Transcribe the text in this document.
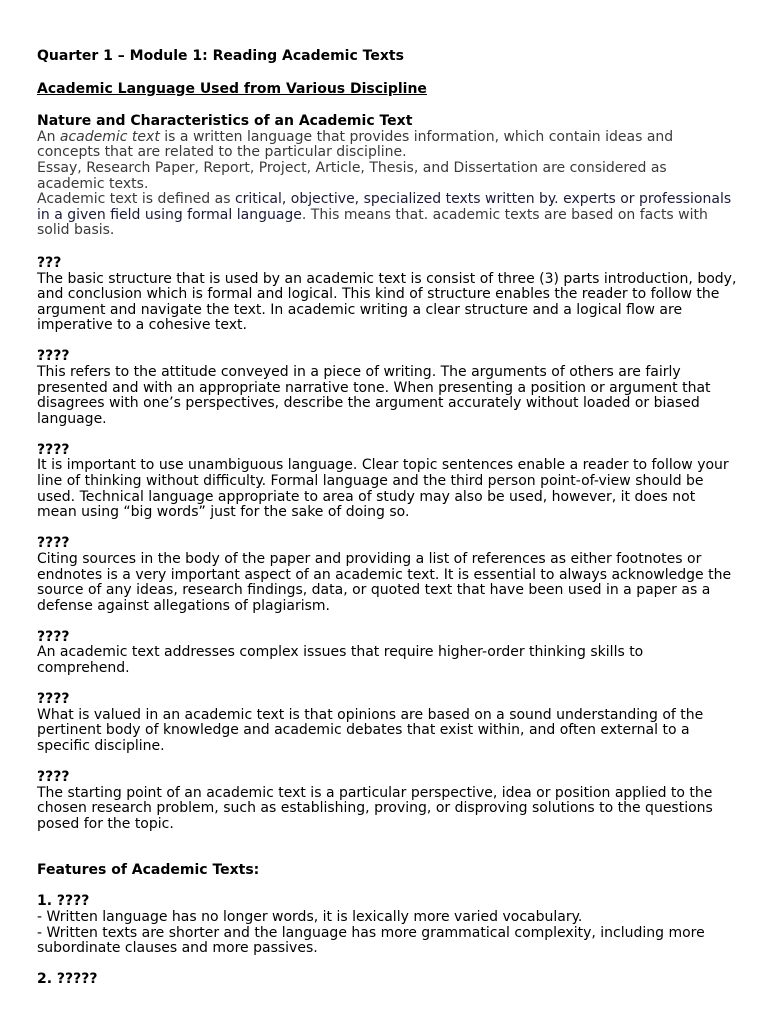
Quarter 1 – Module 1: Reading Academic Texts

Academic Language Used from Various Discipline

Nature and Characteristics of an Academic Text

An academic text is a written language that provides information, which contain ideas and concepts that are related to the particular discipline.

Essay, Research Paper, Report, Project, Article, Thesis, and Dissertation are considered as academic texts.

Academic text is defined as critical, objective, specialized texts written by. experts or professionals in a given field using formal language. This means that. academic texts are based on facts with solid basis.

???

The basic structure that is used by an academic text is consist of three (3) parts introduction, body, and conclusion which is formal and logical. This kind of structure enables the reader to follow the argument and navigate the text. In academic writing a clear structure and a logical flow are imperative to a cohesive text.

????

This refers to the attitude conveyed in a piece of writing. The arguments of others are fairly presented and with an appropriate narrative tone. When presenting a position or argument that disagrees with one’s perspectives, describe the argument accurately without loaded or biased language.

????

It is important to use unambiguous language. Clear topic sentences enable a reader to follow your line of thinking without difficulty. Formal language and the third person point-of-view should be used. Technical language appropriate to area of study may also be used, however, it does not mean using “big words” just for the sake of doing so.

????

Citing sources in the body of the paper and providing a list of references as either footnotes or endnotes is a very important aspect of an academic text. It is essential to always acknowledge the source of any ideas, research findings, data, or quoted text that have been used in a paper as a defense against allegations of plagiarism.

????

An academic text addresses complex issues that require higher-order thinking skills to comprehend.

????

What is valued in an academic text is that opinions are based on a sound understanding of the pertinent body of knowledge and academic debates that exist within, and often external to a specific discipline.

????

The starting point of an academic text is a particular perspective, idea or position applied to the chosen research problem, such as establishing, proving, or disproving solutions to the questions posed for the topic.

Features of Academic Texts:

1. ????

- Written language has no longer words, it is lexically more varied vocabulary.

- Written texts are shorter and the language has more grammatical complexity, including more subordinate clauses and more passives.

2. ?????
